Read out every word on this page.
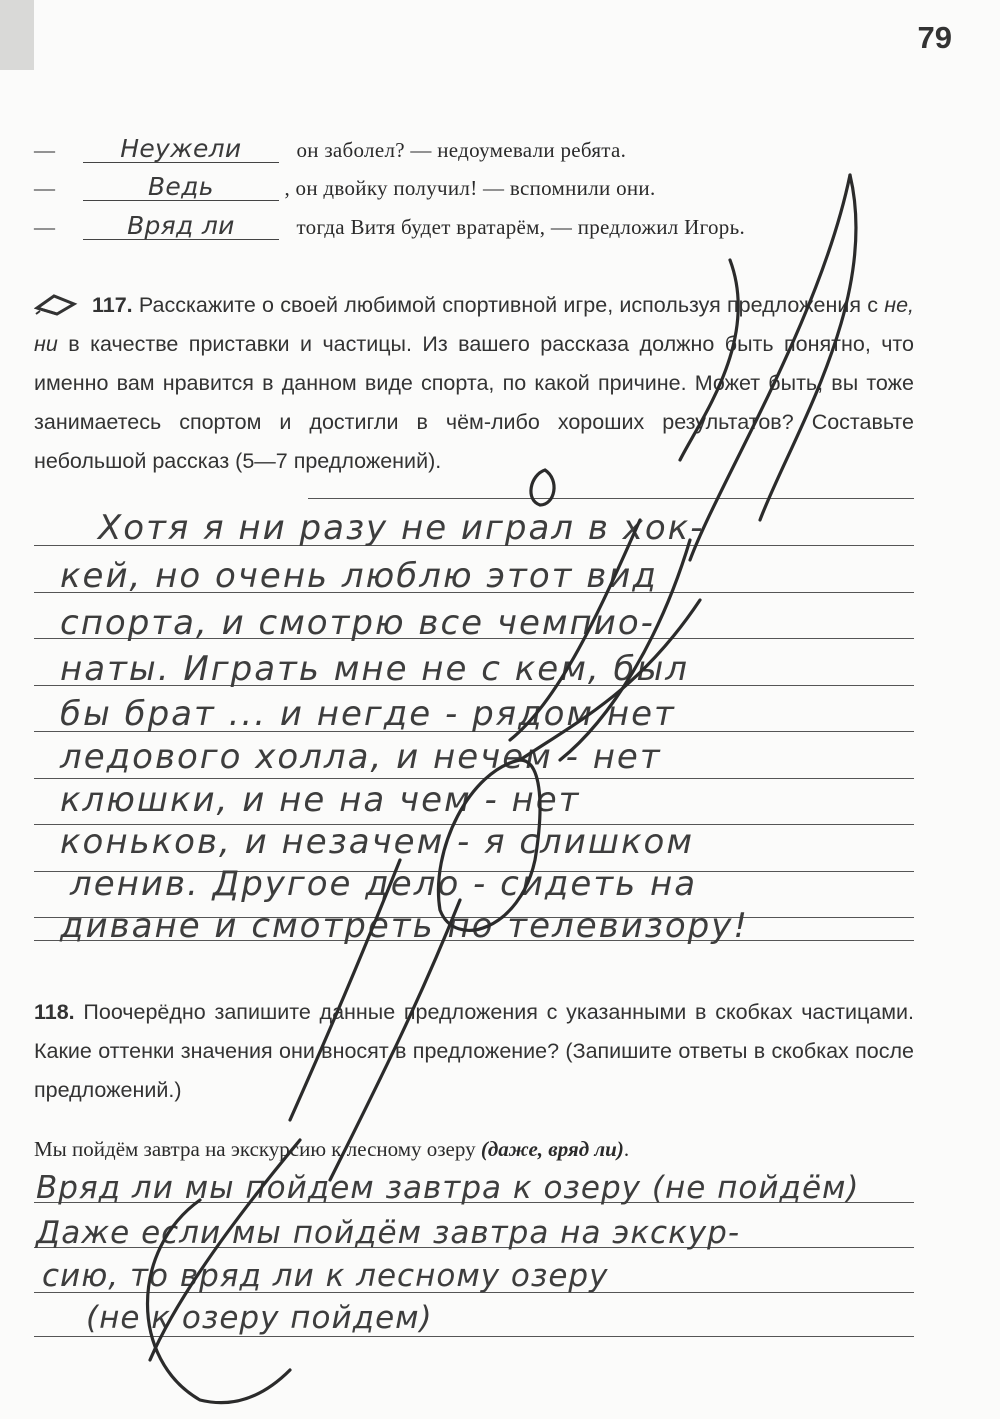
79
—	Неужели	он заболел? — недоумевали ребята.
—	Ведь	, он двойку получил! — вспомнили они.
—	Вряд ли	тогда Витя будет вратарём, — предложил Игорь.
117. Расскажите о своей любимой спортивной игре, используя предложения с не, ни в качестве приставки и частицы. Из вашего рассказа должно быть понятно, что именно вам нравится в данном виде спорта, по какой причине. Может быть, вы тоже занимаетесь спортом и достигли в чём-либо хороших результатов? Составьте небольшой рассказ (5—7 предложений).
Хотя я ни разу не играл в хок-
кей, но очень люблю этот вид
спорта, и смотрю все чемпио-
наты. Играть мне не с кем, был
бы брат ... и негде - рядом нет
ледового холла, и нечем - нет
клюшки, и не на чем - нет
коньков, и незачем - я слишком
ленив. Другое дело - сидеть на
диване и смотреть по телевизору!
118. Поочерёдно запишите данные предложения с указанными в скобках частицами. Какие оттенки значения они вносят в предложение? (Запишите ответы в скобках после предложений.)
Мы пойдём завтра на экскурсию к лесному озеру (даже, вряд ли).
Вряд ли мы пойдем завтра к озеру (не пойдём)
Даже если мы пойдём завтра на экскур-
сию, то вряд ли к лесному озеру
(не к озеру пойдем)
